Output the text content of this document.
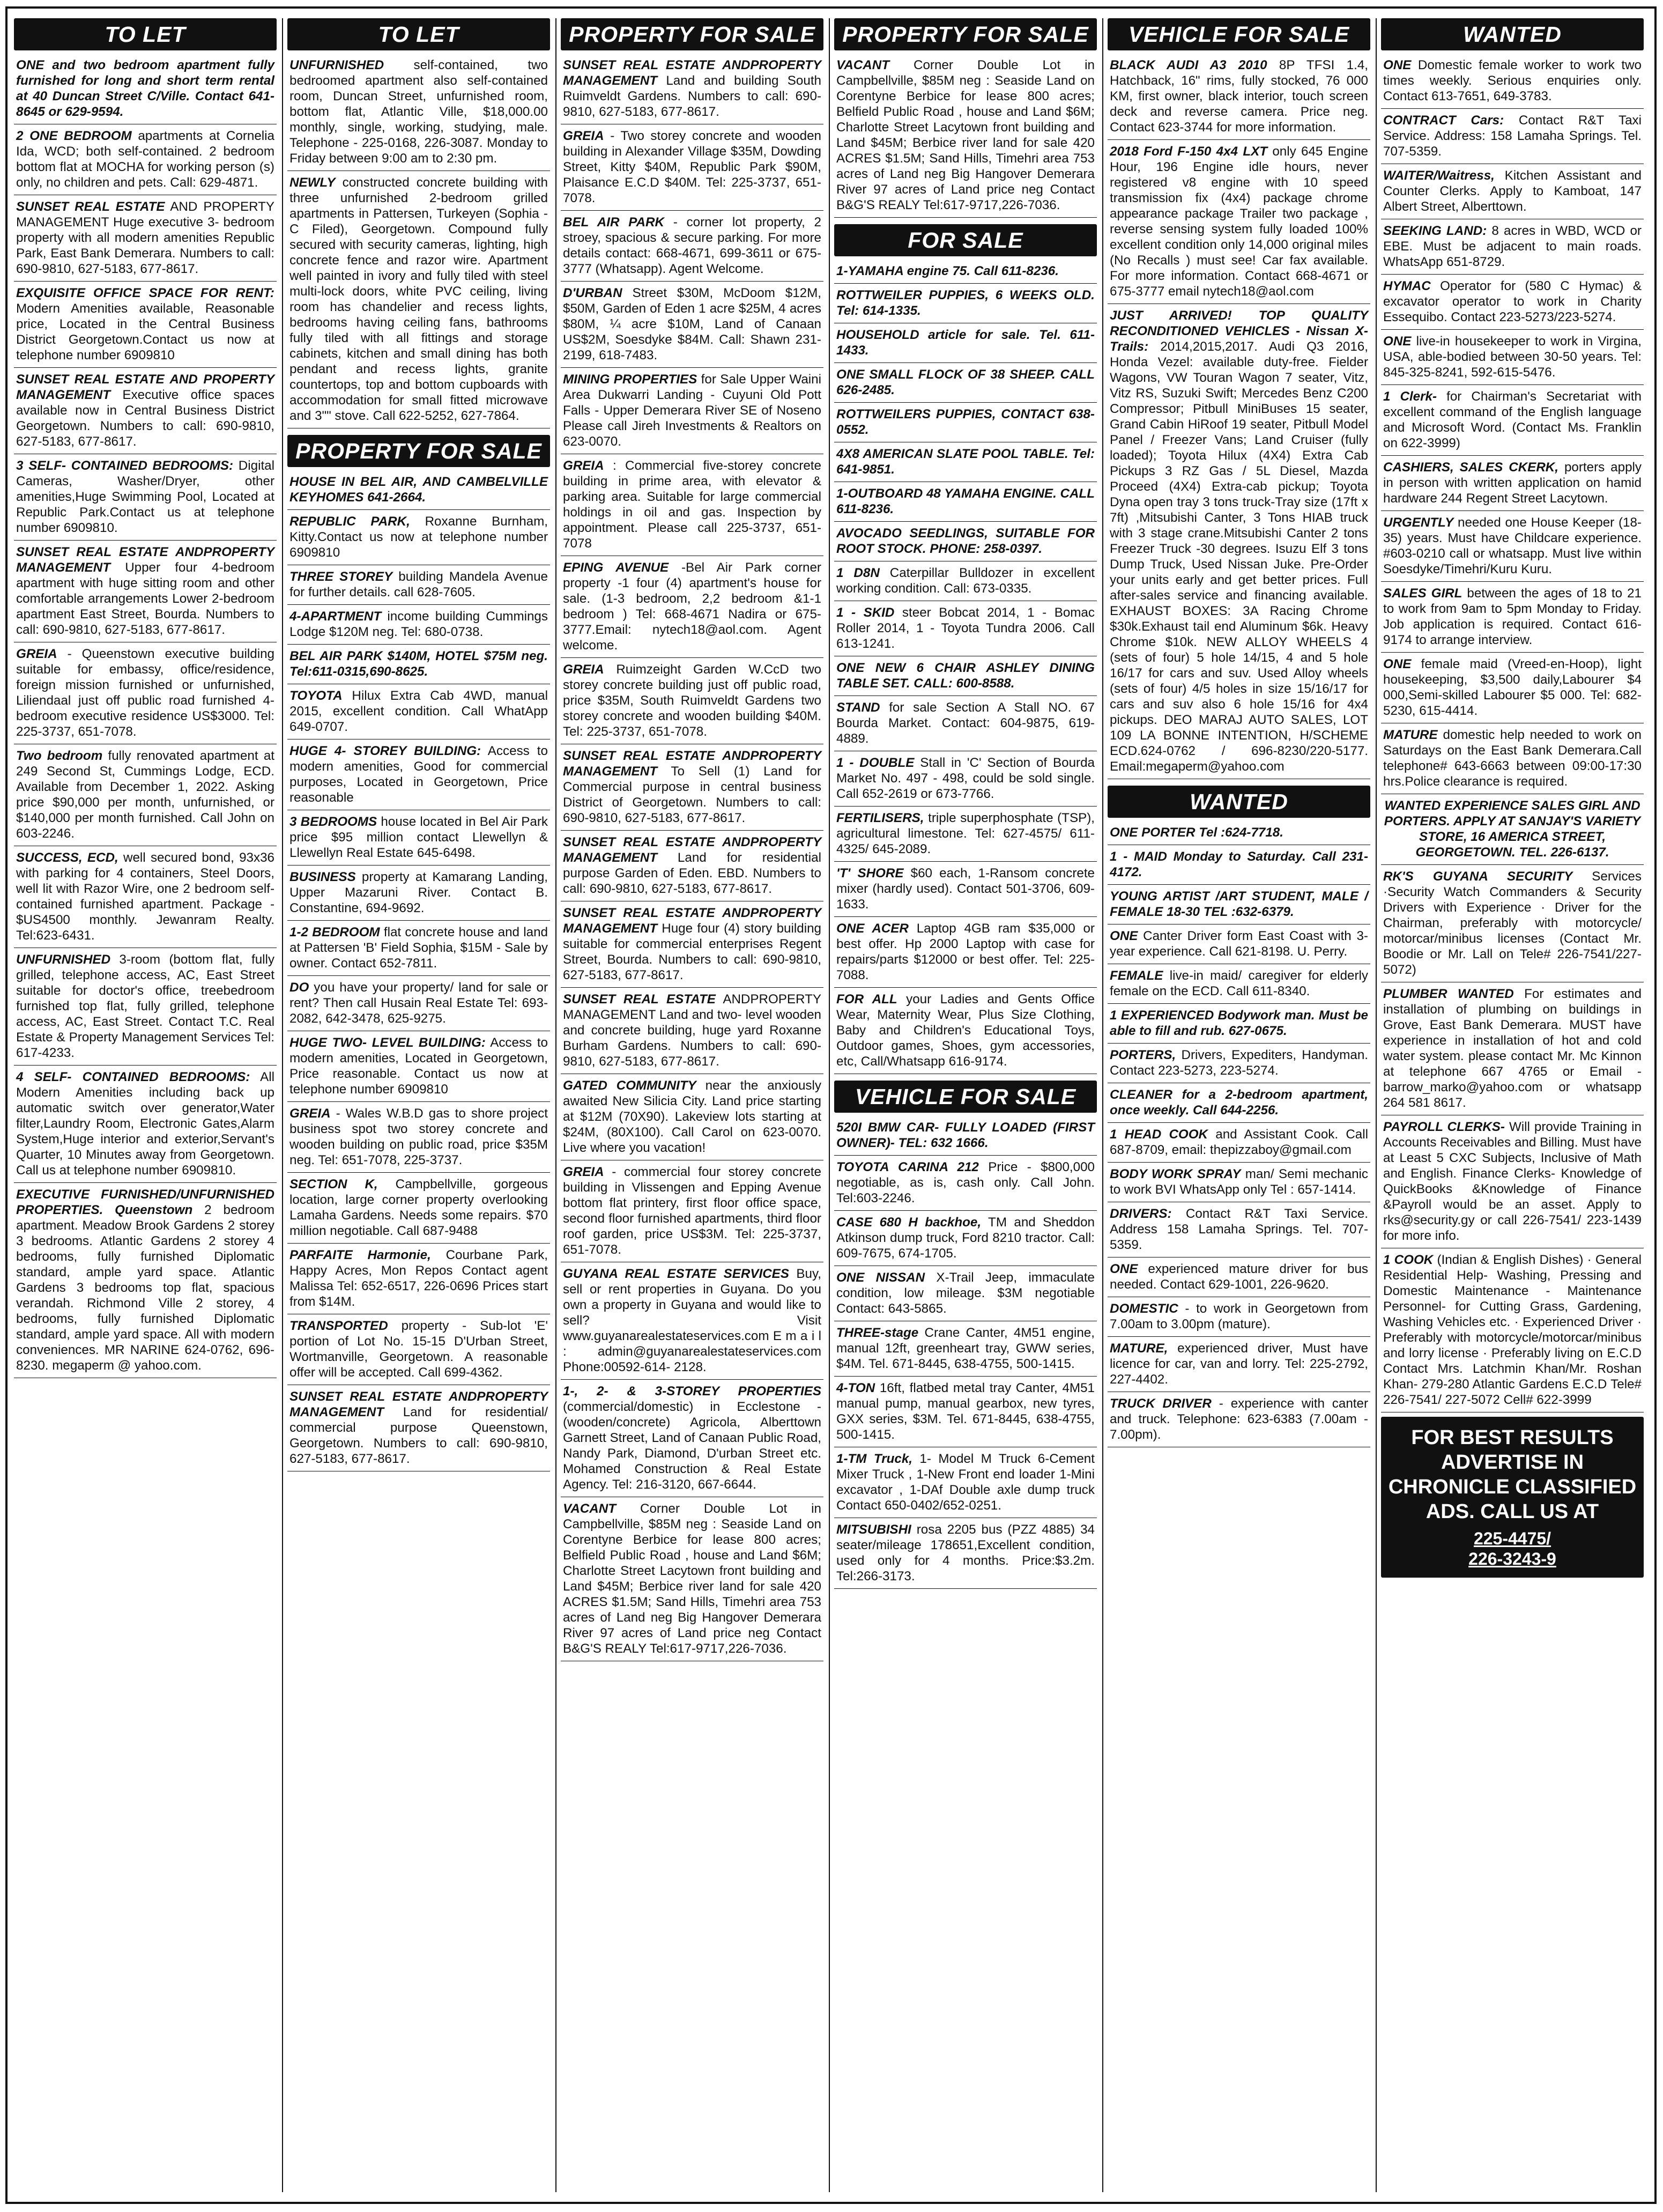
TO LET
ONE and two bedroom apartment fully furnished for long and short term rental at 40 Duncan Street C/Ville. Contact 641-8645 or 629-9594.
2 ONE BEDROOM apartments at Cornelia Ida, WCD; both self-contained. 2 bedroom bottom flat at MOCHA for working person (s) only, no children and pets. Call: 629-4871.
SUNSET REAL ESTATE AND PROPERTY MANAGEMENT Huge executive 3- bedroom property with all modern amenities Republic Park, East Bank Demerara. Numbers to call: 690-9810, 627-5183, 677-8617.
EXQUISITE OFFICE SPACE FOR RENT: Modern Amenities available, Reasonable price, Located in the Central Business District Georgetown.Contact us now at telephone number 6909810
SUNSET REAL ESTATE AND PROPERTY MANAGEMENT Executive office spaces available now in Central Business District Georgetown. Numbers to call: 690-9810, 627-5183, 677-8617.
3 SELF- CONTAINED BEDROOMS: Digital Cameras, Washer/Dryer, other amenities,Huge Swimming Pool, Located at Republic Park.Contact us at telephone number 6909810.
SUNSET REAL ESTATE ANDPROPERTY MANAGEMENT Upper four 4-bedroom apartment with huge sitting room and other comfortable arrangements Lower 2-bedroom apartment East Street, Bourda. Numbers to call: 690-9810, 627-5183, 677-8617.
GREIA - Queenstown executive building suitable for embassy, office/residence, foreign mission furnished or unfurnished, Liliendaal just off public road furnished 4-bedroom executive residence US$3000. Tel: 225-3737, 651-7078.
Two bedroom fully renovated apartment at 249 Second St, Cummings Lodge, ECD. Available from December 1, 2022. Asking price $90,000 per month, unfurnished, or $140,000 per month furnished. Call John on 603-2246.
SUCCESS, ECD, well secured bond, 93x36 with parking for 4 containers, Steel Doors, well lit with Razor Wire, one 2 bedroom self-contained furnished apartment. Package - $US4500 monthly. Jewanram Realty. Tel:623-6431.
UNFURNISHED 3-room (bottom flat, fully grilled, telephone access, AC, East Street suitable for doctor's office, treebedroom furnished top flat, fully grilled, telephone access, AC, East Street. Contact T.C. Real Estate & Property Management Services Tel: 617-4233.
4 SELF- CONTAINED BEDROOMS: All Modern Amenities including back up automatic switch over generator,Water filter,Laundry Room, Electronic Gates,Alarm System,Huge interior and exterior,Servant's Quarter, 10 Minutes away from Georgetown. Call us at telephone number 6909810.
EXECUTIVE FURNISHED/UNFURNISHED PROPERTIES. Queenstown 2 bedroom apartment. Meadow Brook Gardens 2 storey 3 bedrooms. Atlantic Gardens 2 storey 4 bedrooms, fully furnished Diplomatic standard, ample yard space. Atlantic Gardens 3 bedrooms top flat, spacious verandah. Richmond Ville 2 storey, 4 bedrooms, fully furnished Diplomatic standard, ample yard space. All with modern conveniences. MR NARINE 624-0762, 696-8230. megaperm @ yahoo.com.
TO LET
UNFURNISHED self-contained, two bedroomed apartment also self-contained room, Duncan Street, unfurnished room, bottom flat, Atlantic Ville, $18,000.00 monthly, single, working, studying, male. Telephone - 225-0168, 226-3087. Monday to Friday between 9:00 am to 2:30 pm.
NEWLY constructed concrete building with three unfurnished 2-bedroom grilled apartments in Pattersen, Turkeyen (Sophia - C Filed), Georgetown. Compound fully secured with security cameras, lighting, high concrete fence and razor wire. Apartment well painted in ivory and fully tiled with steel multi-lock doors, white PVC ceiling, living room has chandelier and recess lights, bedrooms having ceiling fans, bathrooms fully tiled with all fittings and storage cabinets, kitchen and small dining has both pendant and recess lights, granite countertops, top and bottom cupboards with accommodation for small fitted microwave and 3"" stove. Call 622-5252, 627-7864.
PROPERTY FOR SALE
HOUSE IN BEL AIR, AND CAMBELVILLE KEYHOMES 641-2664.
REPUBLIC PARK, Roxanne Burnham, Kitty.Contact us now at telephone number 6909810
THREE STOREY building Mandela Avenue for further details. call 628-7605.
4-APARTMENT income building Cummings Lodge $120M neg. Tel: 680-0738.
BEL AIR PARK $140M, HOTEL $75M neg. Tel:611-0315,690-8625.
TOYOTA Hilux Extra Cab 4WD, manual 2015, excellent condition. Call WhatApp 649-0707.
HUGE 4- STOREY BUILDING: Access to modern amenities, Good for commercial purposes, Located in Georgetown, Price reasonable
3 BEDROOMS house located in Bel Air Park price $95 million contact Llewellyn & Llewellyn Real Estate 645-6498.
BUSINESS property at Kamarang Landing, Upper Mazaruni River. Contact B. Constantine, 694-9692.
1-2 BEDROOM flat concrete house and land at Pattersen 'B' Field Sophia, $15M - Sale by owner. Contact 652-7811.
DO you have your property/ land for sale or rent? Then call Husain Real Estate Tel: 693-2082, 642-3478, 625-9275.
HUGE TWO- LEVEL BUILDING: Access to modern amenities, Located in Georgetown, Price reasonable. Contact us now at telephone number 6909810
GREIA - Wales W.B.D gas to shore project business spot two storey concrete and wooden building on public road, price $35M neg. Tel: 651-7078, 225-3737.
SECTION K, Campbellville, gorgeous location, large corner property overlooking Lamaha Gardens. Needs some repairs. $70 million negotiable. Call 687-9488
PARFAITE Harmonie, Courbane Park, Happy Acres, Mon Repos Contact agent Malissa Tel: 652-6517, 226-0696 Prices start from $14M.
TRANSPORTED property - Sub-lot 'E' portion of Lot No. 15-15 D'Urban Street, Wortmanville, Georgetown. A reasonable offer will be accepted. Call 699-4362.
SUNSET REAL ESTATE ANDPROPERTY MANAGEMENT Land for residential/ commercial purpose Queenstown, Georgetown. Numbers to call: 690-9810, 627-5183, 677-8617.
PROPERTY FOR SALE
SUNSET REAL ESTATE ANDPROPERTY MANAGEMENT Land and building South Ruimveldt Gardens. Numbers to call: 690-9810, 627-5183, 677-8617.
GREIA - Two storey concrete and wooden building in Alexander Village $35M, Dowding Street, Kitty $40M, Republic Park $90M, Plaisance E.C.D $40M. Tel: 225-3737, 651-7078.
BEL AIR PARK - corner lot property, 2 stroey, spacious & secure parking. For more details contact: 668-4671, 699-3611 or 675-3777 (Whatsapp). Agent Welcome.
D'URBAN Street $30M, McDoom $12M, $50M, Garden of Eden 1 acre $25M, 4 acres $80M, ¼ acre $10M, Land of Canaan US$2M, Soesdyke $84M. Call: Shawn 231-2199, 618-7483.
MINING PROPERTIES for Sale Upper Waini Area Dukwarri Landing - Cuyuni Old Pott Falls - Upper Demerara River SE of Noseno Please call Jireh Investments & Realtors on 623-0070.
GREIA : Commercial five-storey concrete building in prime area, with elevator & parking area. Suitable for large commercial holdings in oil and gas. Inspection by appointment. Please call 225-3737, 651-7078
EPING AVENUE -Bel Air Park corner property -1 four (4) apartment's house for sale. (1-3 bedroom, 2,2 bedroom &1-1 bedroom ) Tel: 668-4671 Nadira or 675-3777.Email: nytech18@aol.com. Agent welcome.
GREIA Ruimzeight Garden W.CcD two storey concrete building just off public road, price $35M, South Ruimveldt Gardens two storey concrete and wooden building $40M. Tel: 225-3737, 651-7078.
SUNSET REAL ESTATE ANDPROPERTY MANAGEMENT To Sell (1) Land for Commercial purpose in central business District of Georgetown. Numbers to call: 690-9810, 627-5183, 677-8617.
SUNSET REAL ESTATE ANDPROPERTY MANAGEMENT Land for residential purpose Garden of Eden. EBD. Numbers to call: 690-9810, 627-5183, 677-8617.
SUNSET REAL ESTATE ANDPROPERTY MANAGEMENT Huge four (4) story building suitable for commercial enterprises Regent Street, Bourda. Numbers to call: 690-9810, 627-5183, 677-8617.
SUNSET REAL ESTATE ANDPROPERTY MANAGEMENT Land and two- level wooden and concrete building, huge yard Roxanne Burham Gardens. Numbers to call: 690-9810, 627-5183, 677-8617.
GATED COMMUNITY near the anxiously awaited New Silicia City. Land price starting at $12M (70X90). Lakeview lots starting at $24M, (80X100). Call Carol on 623-0070. Live where you vacation!
GREIA - commercial four storey concrete building in Vlissengen and Epping Avenue bottom flat printery, first floor office space, second floor furnished apartments, third floor roof garden, price US$3M. Tel: 225-3737, 651-7078.
GUYANA REAL ESTATE SERVICES Buy, sell or rent properties in Guyana. Do you own a property in Guyana and would like to sell? Visit www.guyanarealestateservices.com E m a i l : admin@guyanarealestateservices.com Phone:00592-614- 2128.
1-, 2- & 3-STOREY PROPERTIES (commercial/domestic) in Ecclestone - (wooden/concrete) Agricola, Alberttown Garnett Street, Land of Canaan Public Road, Nandy Park, Diamond, D'urban Street etc. Mohamed Construction & Real Estate Agency. Tel: 216-3120, 667-6644.
VACANT Corner Double Lot in Campbellville, $85M neg : Seaside Land on Corentyne Berbice for lease 800 acres; Belfield Public Road , house and Land $6M; Charlotte Street Lacytown front building and Land $45M; Berbice river land for sale 420 ACRES $1.5M; Sand Hills, Timehri area 753 acres of Land neg Big Hangover Demerara River 97 acres of Land price neg Contact B&G'S REALY Tel:617-9717,226-7036.
PROPERTY FOR SALE
VACANT Corner Double Lot in Campbellville, $85M neg : Seaside Land on Corentyne Berbice for lease 800 acres; Belfield Public Road , house and Land $6M; Charlotte Street Lacytown front building and Land $45M; Berbice river land for sale 420 ACRES $1.5M; Sand Hills, Timehri area 753 acres of Land neg Big Hangover Demerara River 97 acres of Land price neg Contact B&G'S REALY Tel:617-9717,226-7036.
FOR SALE
1-YAMAHA engine 75. Call 611-8236.
ROTTWEILER PUPPIES, 6 WEEKS OLD. Tel: 614-1335.
HOUSEHOLD article for sale. Tel. 611-1433.
ONE SMALL FLOCK OF 38 SHEEP. CALL 626-2485.
ROTTWEILERS PUPPIES, CONTACT 638-0552.
4X8 AMERICAN SLATE POOL TABLE. Tel: 641-9851.
1-OUTBOARD 48 YAMAHA ENGINE. CALL 611-8236.
AVOCADO SEEDLINGS, SUITABLE FOR ROOT STOCK. PHONE: 258-0397.
1 D8N Caterpillar Bulldozer in excellent working condition. Call: 673-0335.
1 - SKID steer Bobcat 2014, 1 - Bomac Roller 2014, 1 - Toyota Tundra 2006. Call 613-1241.
ONE NEW 6 CHAIR ASHLEY DINING TABLE SET. CALL: 600-8588.
STAND for sale Section A Stall NO. 67 Bourda Market. Contact: 604-9875, 619-4889.
1 - DOUBLE Stall in 'C' Section of Bourda Market No. 497 - 498, could be sold single. Call 652-2619 or 673-7766.
FERTILISERS, triple superphosphate (TSP), agricultural limestone. Tel: 627-4575/ 611-4325/ 645-2089.
'T' SHORE $60 each, 1-Ransom concrete mixer (hardly used). Contact 501-3706, 609-1633.
ONE ACER Laptop 4GB ram $35,000 or best offer. Hp 2000 Laptop with case for repairs/parts $12000 or best offer. Tel: 225-7088.
FOR ALL your Ladies and Gents Office Wear, Maternity Wear, Plus Size Clothing, Baby and Children's Educational Toys, Outdoor games, Shoes, gym accessories, etc, Call/Whatsapp 616-9174.
VEHICLE FOR SALE
520I BMW CAR- FULLY LOADED (FIRST OWNER)- TEL: 632 1666.
TOYOTA CARINA 212 Price - $800,000 negotiable, as is, cash only. Call John. Tel:603-2246.
CASE 680 H backhoe, TM and Sheddon Atkinson dump truck, Ford 8210 tractor. Call: 609-7675, 674-1705.
ONE NISSAN X-Trail Jeep, immaculate condition, low mileage. $3M negotiable Contact: 643-5865.
THREE-stage Crane Canter, 4M51 engine, manual 12ft, greenheart tray, GWW series, $4M. Tel. 671-8445, 638-4755, 500-1415.
4-TON 16ft, flatbed metal tray Canter, 4M51 manual pump, manual gearbox, new tyres, GXX series, $3M. Tel. 671-8445, 638-4755, 500-1415.
1-TM Truck, 1- Model M Truck 6-Cement Mixer Truck , 1-New Front end loader 1-Mini excavator , 1-DAf Double axle dump truck Contact 650-0402/652-0251.
MITSUBISHI rosa 2205 bus (PZZ 4885) 34 seater/mileage 178651,Excellent condition, used only for 4 months. Price:$3.2m. Tel:266-3173.
VEHICLE FOR SALE
BLACK AUDI A3 2010 8P TFSI 1.4, Hatchback, 16" rims, fully stocked, 76 000 KM, first owner, black interior, touch screen deck and reverse camera. Price neg. Contact 623-3744 for more information.
2018 Ford F-150 4x4 LXT only 645 Engine Hour, 196 Engine idle hours, never registered v8 engine with 10 speed transmission fix (4x4) package chrome appearance package Trailer two package , reverse sensing system fully loaded 100% excellent condition only 14,000 original miles (No Recalls ) must see! Car fax available. For more information. Contact 668-4671 or 675-3777 email nytech18@aol.com
JUST ARRIVED! TOP QUALITY RECONDITIONED VEHICLES - Nissan X-Trails: 2014,2015,2017. Audi Q3 2016, Honda Vezel: available duty-free. Fielder Wagons, VW Touran Wagon 7 seater, Vitz, Vitz RS, Suzuki Swift; Mercedes Benz C200 Compressor; Pitbull MiniBuses 15 seater, Grand Cabin HiRoof 19 seater, Pitbull Model Panel / Freezer Vans; Land Cruiser (fully loaded); Toyota Hilux (4X4) Extra Cab Pickups 3 RZ Gas / 5L Diesel, Mazda Proceed (4X4) Extra-cab pickup; Toyota Dyna open tray 3 tons truck-Tray size (17ft x 7ft) ,Mitsubishi Canter, 3 Tons HIAB truck with 3 stage crane.Mitsubishi Canter 2 tons Freezer Truck -30 degrees. Isuzu Elf 3 tons Dump Truck, Used Nissan Juke. Pre-Order your units early and get better prices. Full after-sales service and financing available. EXHAUST BOXES: 3A Racing Chrome $30k.Exhaust tail end Aluminum $6k. Heavy Chrome $10k. NEW ALLOY WHEELS 4 (sets of four) 5 hole 14/15, 4 and 5 hole 16/17 for cars and suv. Used Alloy wheels (sets of four) 4/5 holes in size 15/16/17 for cars and suv also 6 hole 15/16 for 4x4 pickups. DEO MARAJ AUTO SALES, LOT 109 LA BONNE INTENTION, H/SCHEME ECD.624-0762 / 696-8230/220-5177. Email:megaperm@yahoo.com
WANTED
ONE PORTER Tel :624-7718.
1 - MAID Monday to Saturday. Call 231-4172.
YOUNG ARTIST /ART STUDENT, MALE / FEMALE 18-30 TEL :632-6379.
ONE Canter Driver form East Coast with 3-year experience. Call 621-8198. U. Perry.
FEMALE live-in maid/ caregiver for elderly female on the ECD. Call 611-8340.
1 EXPERIENCED Bodywork man. Must be able to fill and rub. 627-0675.
PORTERS, Drivers, Expediters, Handyman. Contact 223-5273, 223-5274.
CLEANER for a 2-bedroom apartment, once weekly. Call 644-2256.
1 HEAD COOK and Assistant Cook. Call 687-8709, email: thepizzaboy@gmail.com
BODY WORK SPRAY man/ Semi mechanic to work BVI WhatsApp only Tel : 657-1414.
DRIVERS: Contact R&T Taxi Service. Address 158 Lamaha Springs. Tel. 707-5359.
ONE experienced mature driver for bus needed. Contact 629-1001, 226-9620.
DOMESTIC - to work in Georgetown from 7.00am to 3.00pm (mature).
MATURE, experienced driver, Must have licence for car, van and lorry. Tel: 225-2792, 227-4402.
TRUCK DRIVER - experience with canter and truck. Telephone: 623-6383 (7.00am - 7.00pm).
WANTED
ONE Domestic female worker to work two times weekly. Serious enquiries only. Contact 613-7651, 649-3783.
CONTRACT Cars: Contact R&T Taxi Service. Address: 158 Lamaha Springs. Tel. 707-5359.
WAITER/Waitress, Kitchen Assistant and Counter Clerks. Apply to Kamboat, 147 Albert Street, Alberttown.
SEEKING LAND: 8 acres in WBD, WCD or EBE. Must be adjacent to main roads. WhatsApp 651-8729.
HYMAC Operator for (580 C Hymac) & excavator operator to work in Charity Essequibo. Contact 223-5273/223-5274.
ONE live-in housekeeper to work in Virgina, USA, able-bodied between 30-50 years. Tel: 845-325-8241, 592-615-5476.
1 Clerk- for Chairman's Secretariat with excellent command of the English language and Microsoft Word. (Contact Ms. Franklin on 622-3999)
CASHIERS, SALES CKERK, porters apply in person with written application on hamid hardware 244 Regent Street Lacytown.
URGENTLY needed one House Keeper (18-35) years. Must have Childcare experience. #603-0210 call or whatsapp. Must live within Soesdyke/Timehri/Kuru Kuru.
SALES GIRL between the ages of 18 to 21 to work from 9am to 5pm Monday to Friday. Job application is required. Contact 616-9174 to arrange interview.
ONE female maid (Vreed-en-Hoop), light housekeeping, $3,500 daily,Labourer $4 000,Semi-skilled Labourer $5 000. Tel: 682-5230, 615-4414.
MATURE domestic help needed to work on Saturdays on the East Bank Demerara.Call telephone# 643-6663 between 09:00-17:30 hrs.Police clearance is required.
WANTED EXPERIENCE SALES GIRL AND PORTERS. APPLY AT SANJAY'S VARIETY STORE, 16 AMERICA STREET, GEORGETOWN. TEL. 226-6137.
RK'S GUYANA SECURITY Services ·Security Watch Commanders & Security Drivers with Experience · Driver for the Chairman, preferably with motorcycle/ motorcar/minibus licenses (Contact Mr. Boodie or Mr. Lall on Tele# 226-7541/227-5072)
PLUMBER WANTED For estimates and installation of plumbing on buildings in Grove, East Bank Demerara. MUST have experience in installation of hot and cold water system. please contact Mr. Mc Kinnon at telephone 667 4765 or Email - barrow_marko@yahoo.com or whatsapp 264 581 8617.
PAYROLL CLERKS- Will provide Training in Accounts Receivables and Billing. Must have at Least 5 CXC Subjects, Inclusive of Math and English. Finance Clerks- Knowledge of QuickBooks &Knowledge of Finance &Payroll would be an asset. Apply to rks@security.gy or call 226-7541/ 223-1439 for more info.
1 COOK (Indian & English Dishes) · General Residential Help- Washing, Pressing and Domestic Maintenance - Maintenance Personnel- for Cutting Grass, Gardening, Washing Vehicles etc. · Experienced Driver · Preferably with motorcycle/motorcar/minibus and lorry license · Preferably living on E.C.D Contact Mrs. Latchmin Khan/Mr. Roshan Khan- 279-280 Atlantic Gardens E.C.D Tele# 226-7541/ 227-5072 Cell# 622-3999
FOR BEST RESULTS ADVERTISE IN CHRONICLE CLASSIFIED ADS. CALL US AT
225-4475/
226-3243-9
